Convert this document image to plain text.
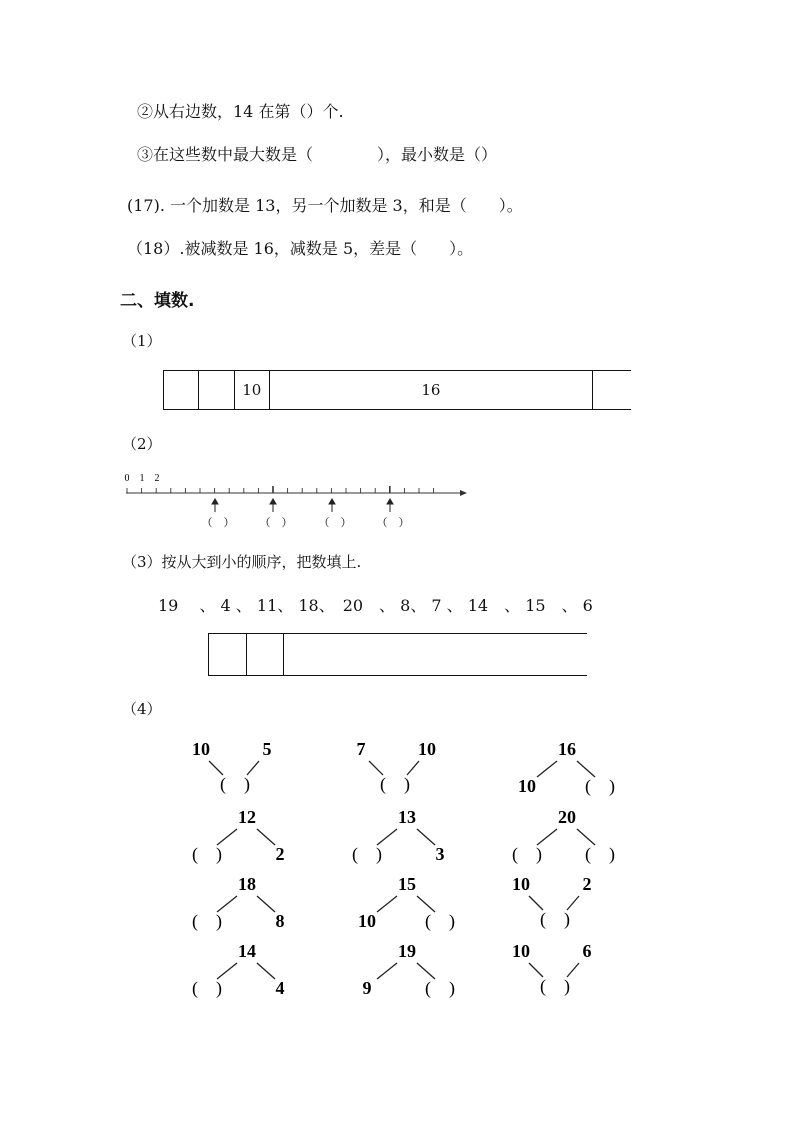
②从右边数，14 在第（）个.
③在这些数中最大数是（　　　　），最小数是（）
(17). 一个加数是 13，另一个加数是 3，和是（　　）。
（18）.被减数是 16，减数是 5，差是（　　）。
二、填数.
（1）
10	16
（2）
0 1 2
（　） （　） （　） （　）
（3）按从大到小的顺序，把数填上.
19　 、 4 、 11、 18、　20　、 8、 7 、 14　、 15　、 6
（4）
10	5
(　)
7	10
(　)
16
10	(　)
12
(　)	2
13
(　)	3
20
(　) (　)
18
(　)	8
15
10	(　)
10	2
(　)
14
(　)	4
19
9	(　)
10	6
(　)
